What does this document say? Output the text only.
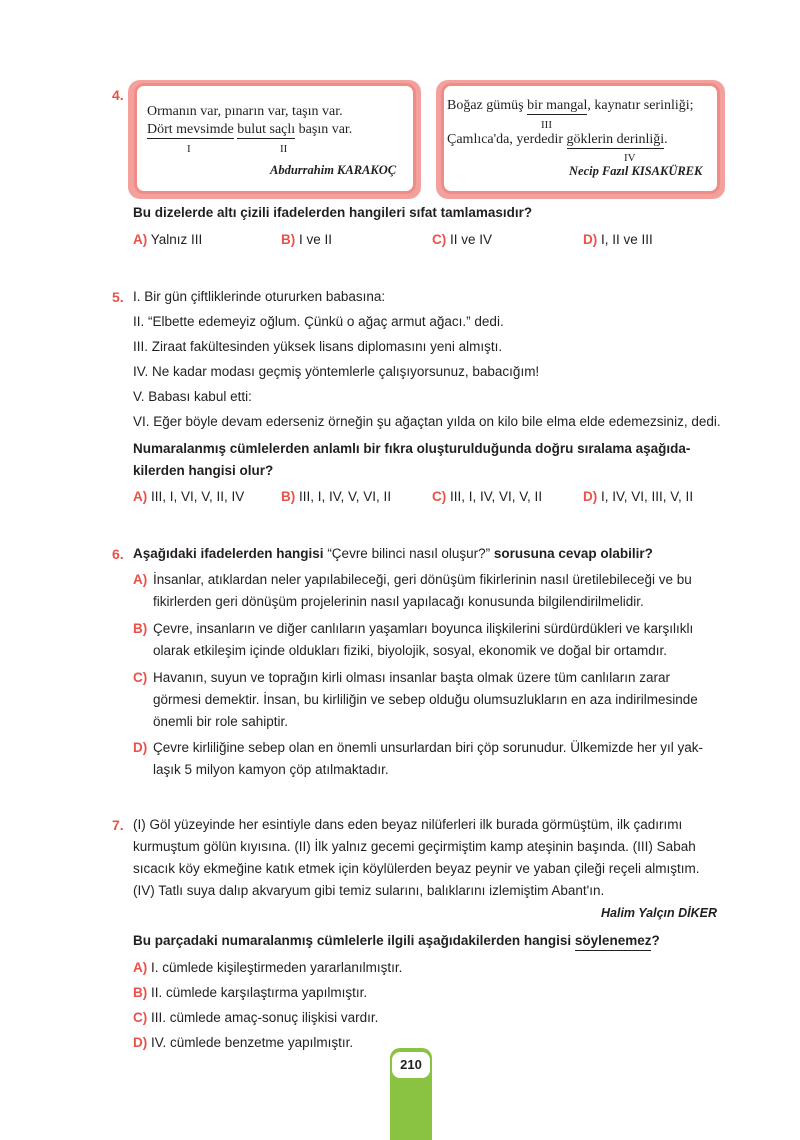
4.
Ormanın var, pınarın var, taşın var.
Dört mevsimde bulut saçlı başın var.
I	II
Abdurrahim KARAKOÇ
Boğaz gümüş bir mangal, kaynatır serinliği;
III
Çamlıca'da, yerdedir göklerin derinliği.
IV
Necip Fazıl KISAKÜREK
Bu dizelerde altı çizili ifadelerden hangileri sıfat tamlamasıdır?
A) Yalnız III	B) I ve II	C) II ve IV	D) I, II ve III
5. I. Bir gün çiftliklerinde otururken babasına:
II. “Elbette edemeyiz oğlum. Çünkü o ağaç armut ağacı.” dedi.
III. Ziraat fakültesinden yüksek lisans diplomasını yeni almıştı.
IV. Ne kadar modası geçmiş yöntemlerle çalışıyorsunuz, babacığım!
V. Babası kabul etti:
VI. Eğer böyle devam ederseniz örneğin şu ağaçtan yılda on kilo bile elma elde edemezsiniz, dedi.
Numaralanmış cümlelerden anlamlı bir fıkra oluşturulduğunda doğru sıralama aşağıda-
kilerden hangisi olur?
A) III, I, VI, V, II, IV	B) III, I, IV, V, VI, II	C) III, I, IV, VI, V, II	D) I, IV, VI, III, V, II
6. Aşağıdaki ifadelerden hangisi “Çevre bilinci nasıl oluşur?” sorusuna cevap olabilir?
A) İnsanlar, atıklardan neler yapılabileceği, geri dönüşüm fikirlerinin nasıl üretilebileceği ve bu
fikirlerden geri dönüşüm projelerinin nasıl yapılacağı konusunda bilgilendirilmelidir.
B) Çevre, insanların ve diğer canlıların yaşamları boyunca ilişkilerini sürdürdükleri ve karşılıklı
olarak etkileşim içinde oldukları fiziki, biyolojik, sosyal, ekonomik ve doğal bir ortamdır.
C) Havanın, suyun ve toprağın kirli olması insanlar başta olmak üzere tüm canlıların zarar
görmesi demektir. İnsan, bu kirliliğin ve sebep olduğu olumsuzlukların en aza indirilmesinde
önemli bir role sahiptir.
D) Çevre kirliliğine sebep olan en önemli unsurlardan biri çöp sorunudur. Ülkemizde her yıl yak-
laşık 5 milyon kamyon çöp atılmaktadır.
7. (I) Göl yüzeyinde her esintiyle dans eden beyaz nilüferleri ilk burada görmüştüm, ilk çadırımı
kurmuştum gölün kıyısına. (II) İlk yalnız gecemi geçirmiştim kamp ateşinin başında. (III) Sabah
sıcacık köy ekmeğine katık etmek için köylülerden beyaz peynir ve yaban çileği reçeli almıştım.
(IV) Tatlı suya dalıp akvaryum gibi temiz sularını, balıklarını izlemiştim Abant'ın.
Halim Yalçın DİKER
Bu parçadaki numaralanmış cümlelerle ilgili aşağıdakilerden hangisi söylenemez?
A) I. cümlede kişileştirmeden yararlanılmıştır.
B) II. cümlede karşılaştırma yapılmıştır.
C) III. cümlede amaç-sonuç ilişkisi vardır.
D) IV. cümlede benzetme yapılmıştır.
210
